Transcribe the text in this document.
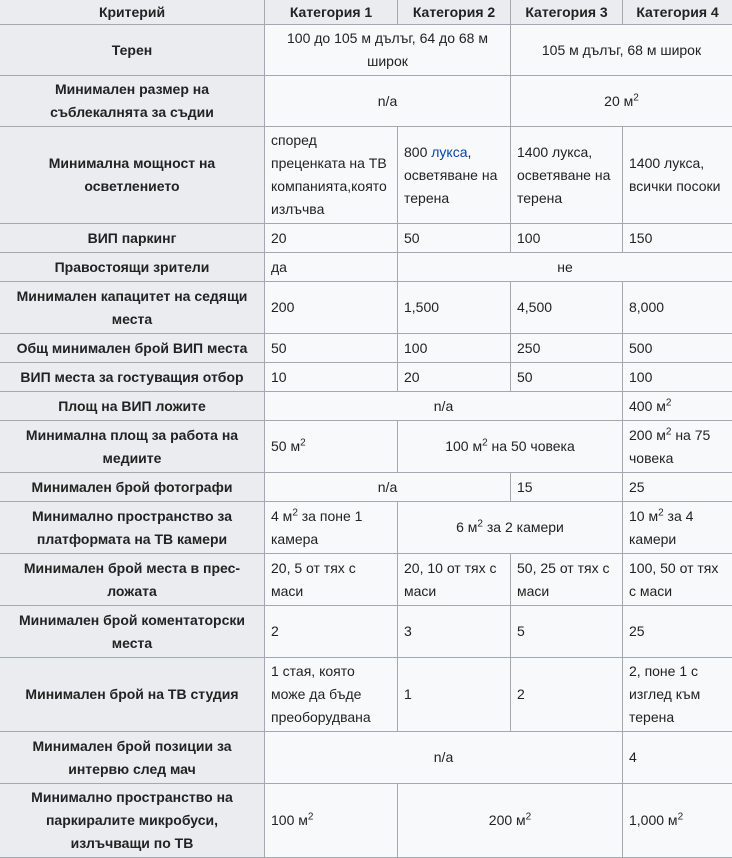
Критерий	Категория 1	Категория 2	Категория 3	Категория 4
Терен	100 до 105 м дълъг, 64 до 68 м широк		105 м дълъг, 68 м широк	
Минимален размер на съблекалнята за съдии	n/a		20 $м^2$
Минимална мощност на осветлението	според преценката на ТВ компанията,която излъчва	800 лукса, осветяване на терена	1400 лукса, осветяване на терена	1400 лукса, всички посоки
ВИП паркинг	20	50	100	150
Правостоящи зрители	да	не		
Минимален капацитет на седящи места	200	1,500	4,500	8,000
Общ минимален брой ВИП места	50	100	250	500
ВИП места за гостуващия отбор	10	20	50	100
Площ на ВИП ложите	n/a			400 $м^2$
Минимална площ за работа на медиите	50 $м^2$	100 $м^2$ на 50 човека		200 $м^2$ на 75 човека
Минимален брой фотографи	n/a		15	25
Минимално пространство за платформата на ТВ камери	4 $м^2$ за поне 1 камера	6 $м^2$ за 2 камери		10 $м^2$ за 4 камери
Минимален брой места в прес-ложата	20, 5 от тях с маси	20, 10 от тях с маси	50, 25 от тях с маси	100, 50 от тях с маси
Минимален брой коментаторски места	2	3	5	25
Минимален брой на ТВ студия	1 стая, която може да бъде преоборудвана	1	2	2, поне 1 с изглед към терена
Минимален брой позиции за интервю след мач	n/a			4
Минимално пространство на паркиралите микробуси, излъчващи по ТВ	100 $м^2$	200 $м^2$		1,000 $м^2$
